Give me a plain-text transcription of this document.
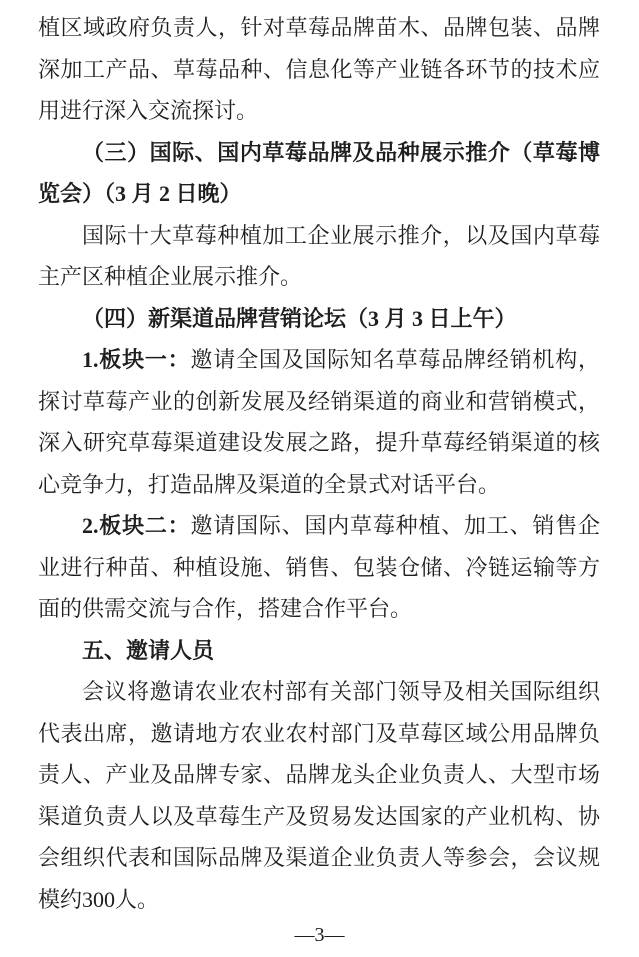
植区域政府负责人，针对草莓品牌苗木、品牌包装、品牌深加工产品、草莓品种、信息化等产业链各环节的技术应用进行深入交流探讨。

（三）国际、国内草莓品牌及品种展示推介（草莓博览会）（3 月 2 日晚）

国际十大草莓种植加工企业展示推介，以及国内草莓主产区种植企业展示推介。

（四）新渠道品牌营销论坛（3 月 3 日上午）

1.板块一：邀请全国及国际知名草莓品牌经销机构，探讨草莓产业的创新发展及经销渠道的商业和营销模式，深入研究草莓渠道建设发展之路，提升草莓经销渠道的核心竞争力，打造品牌及渠道的全景式对话平台。

2.板块二：邀请国际、国内草莓种植、加工、销售企业进行种苗、种植设施、销售、包装仓储、冷链运输等方面的供需交流与合作，搭建合作平台。

五、邀请人员

会议将邀请农业农村部有关部门领导及相关国际组织代表出席，邀请地方农业农村部门及草莓区域公用品牌负责人、产业及品牌专家、品牌龙头企业负责人、大型市场渠道负责人以及草莓生产及贸易发达国家的产业机构、协会组织代表和国际品牌及渠道企业负责人等参会，会议规模约300人。

—3—
